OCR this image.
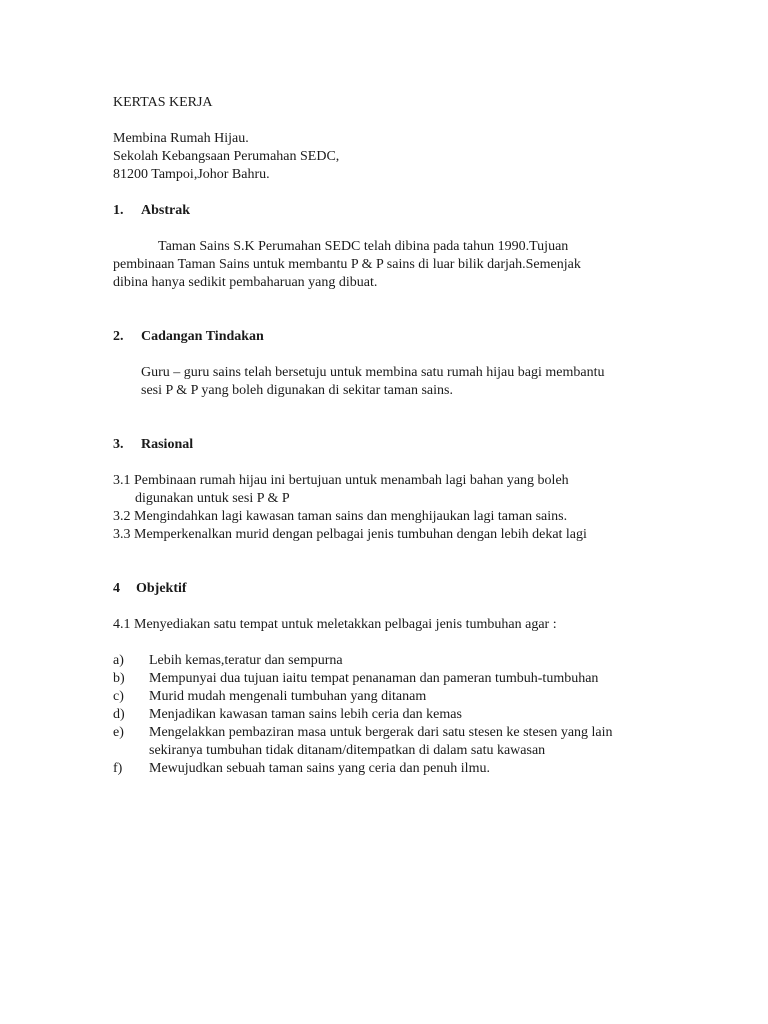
KERTAS KERJA
Membina Rumah Hijau.
Sekolah Kebangsaan Perumahan SEDC,
81200 Tampoi,Johor Bahru.
1.	Abstrak
Taman Sains S.K Perumahan SEDC telah dibina pada tahun 1990.Tujuan
pembinaan Taman Sains untuk membantu P & P sains di luar bilik darjah.Semenjak
dibina hanya sedikit pembaharuan yang dibuat.
2.	Cadangan Tindakan
Guru – guru sains telah bersetuju untuk membina satu rumah hijau bagi membantu
sesi P & P yang boleh digunakan di sekitar taman sains.
3.	Rasional
3.1 Pembinaan rumah hijau ini bertujuan untuk menambah lagi bahan yang boleh
digunakan untuk sesi P & P
3.2 Mengindahkan lagi kawasan taman sains dan menghijaukan lagi taman sains.
3.3 Memperkenalkan murid dengan pelbagai jenis tumbuhan dengan lebih dekat lagi
4	Objektif
4.1 Menyediakan satu tempat untuk meletakkan pelbagai jenis tumbuhan agar :
a)	Lebih kemas,teratur dan sempurna
b)	Mempunyai dua tujuan iaitu tempat penanaman dan pameran tumbuh-tumbuhan
c)	Murid mudah mengenali tumbuhan yang ditanam
d)	Menjadikan kawasan taman sains lebih ceria dan kemas
e)	Mengelakkan pembaziran masa untuk bergerak dari satu stesen ke stesen yang lain
sekiranya tumbuhan tidak ditanam/ditempatkan di dalam satu kawasan
f)	Mewujudkan sebuah taman sains yang ceria dan penuh ilmu.
